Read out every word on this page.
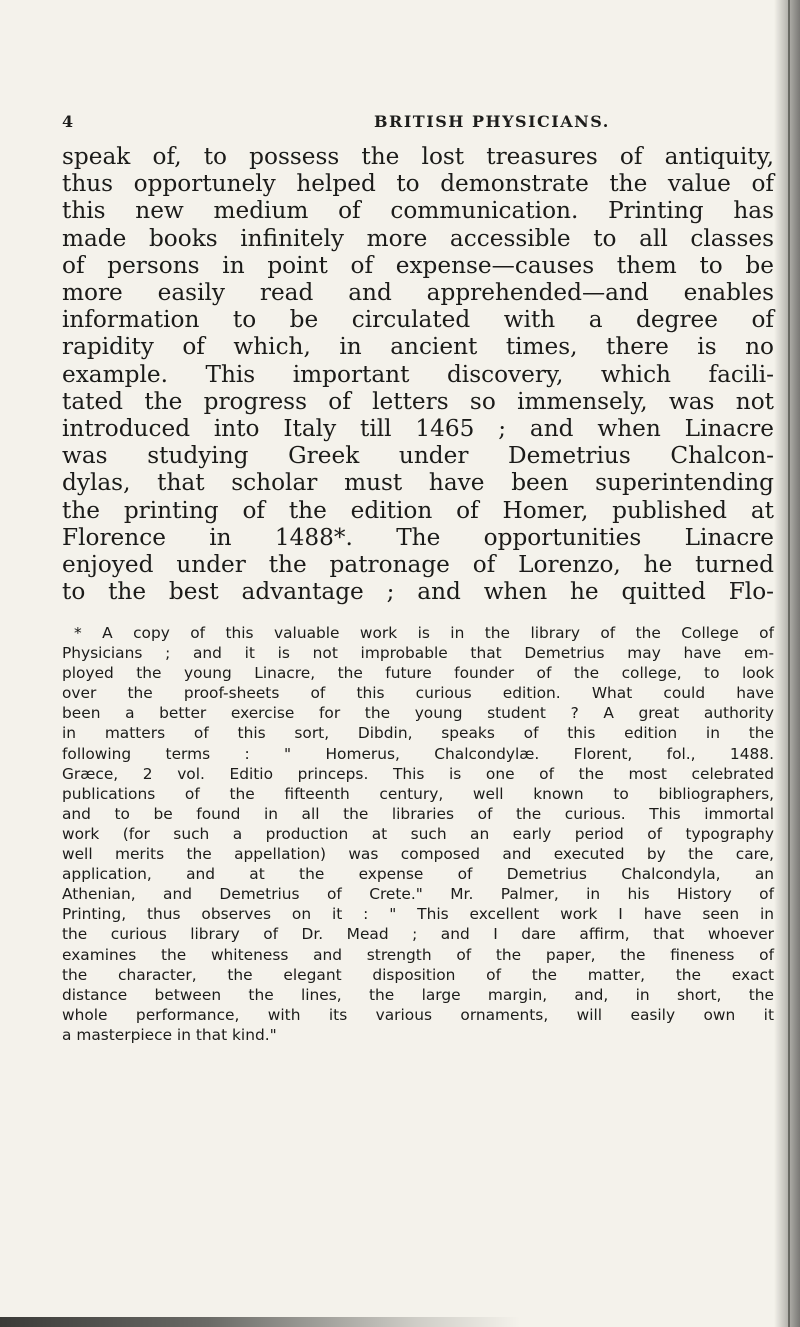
4	BRITISH PHYSICIANS.
speak of, to possess the lost treasures of antiquity,
thus opportunely helped to demonstrate the value of
this new medium of communication. Printing has
made books infinitely more accessible to all classes
of persons in point of expense—causes them to be
more easily read and apprehended—and enables
information to be circulated with a degree of
rapidity of which, in ancient times, there is no
example. This important discovery, which facili-
tated the progress of letters so immensely, was not
introduced into Italy till 1465 ; and when Linacre
was studying Greek under Demetrius Chalcon-
dylas, that scholar must have been superintending
the printing of the edition of Homer, published at
Florence in 1488*. The opportunities Linacre
enjoyed under the patronage of Lorenzo, he turned
to the best advantage ; and when he quitted Flo-
* A copy of this valuable work is in the library of the College of
Physicians ; and it is not improbable that Demetrius may have em-
ployed the young Linacre, the future founder of the college, to look
over the proof-sheets of this curious edition. What could have
been a better exercise for the young student ? A great authority
in matters of this sort, Dibdin, speaks of this edition in the
following terms : " Homerus, Chalcondylæ. Florent, fol., 1488.
Græce, 2 vol. Editio princeps. This is one of the most celebrated
publications of the fifteenth century, well known to bibliographers,
and to be found in all the libraries of the curious. This immortal
work (for such a production at such an early period of typography
well merits the appellation) was composed and executed by the care,
application, and at the expense of Demetrius Chalcondyla, an
Athenian, and Demetrius of Crete." Mr. Palmer, in his History of
Printing, thus observes on it : " This excellent work I have seen in
the curious library of Dr. Mead ; and I dare affirm, that whoever
examines the whiteness and strength of the paper, the fineness of
the character, the elegant disposition of the matter, the exact
distance between the lines, the large margin, and, in short, the
whole performance, with its various ornaments, will easily own it
a masterpiece in that kind."
